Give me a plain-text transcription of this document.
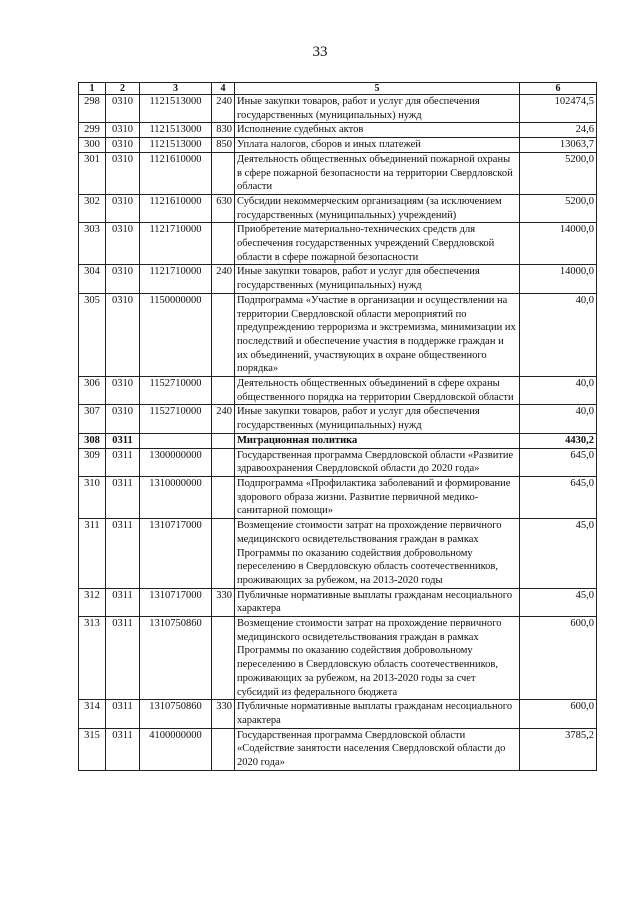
33
1	2	3	4	5	6
298	0310	1121513000	240	Иные закупки товаров, работ и услуг для обеспечения государственных (муниципальных) нужд	102474,5
299	0310	1121513000	830	Исполнение судебных актов	24,6
300	0310	1121513000	850	Уплата налогов, сборов и иных платежей	13063,7
301	0310	1121610000		Деятельность общественных объединений пожарной охраны в сфере пожарной безопасности на территории Свердловской области	5200,0
302	0310	1121610000	630	Субсидии некоммерческим организациям (за исключением государственных (муниципальных) учреждений)	5200,0
303	0310	1121710000		Приобретение материально-технических средств для обеспечения государственных учреждений Свердловской области в сфере пожарной безопасности	14000,0
304	0310	1121710000	240	Иные закупки товаров, работ и услуг для обеспечения государственных (муниципальных) нужд	14000,0
305	0310	1150000000		Подпрограмма «Участие в организации и осуществлении на территории Свердловской области мероприятий по предупреждению терроризма и экстремизма, минимизации их последствий и обеспечение участия в поддержке граждан и их объединений, участвующих в охране общественного порядка»	40,0
306	0310	1152710000		Деятельность общественных объединений в сфере охраны общественного порядка на территории Свердловской области	40,0
307	0310	1152710000	240	Иные закупки товаров, работ и услуг для обеспечения государственных (муниципальных) нужд	40,0
308	0311			Миграционная политика	4430,2
309	0311	1300000000		Государственная программа Свердловской области «Развитие здравоохранения Свердловской области до 2020 года»	645,0
310	0311	1310000000		Подпрограмма «Профилактика заболеваний и формирование здорового образа жизни. Развитие первичной медико-санитарной помощи»	645,0
311	0311	1310717000		Возмещение стоимости затрат на прохождение первичного медицинского освидетельствования граждан в рамках Программы по оказанию содействия добровольному переселению в Свердловскую область соотечественников, проживающих за рубежом, на 2013-2020 годы	45,0
312	0311	1310717000	330	Публичные нормативные выплаты гражданам несоциального характера	45,0
313	0311	1310750860		Возмещение стоимости затрат на прохождение первичного медицинского освидетельствования граждан в рамках Программы по оказанию содействия добровольному переселению в Свердловскую область соотечественников, проживающих за рубежом, на 2013-2020 годы за счет субсидий из федерального бюджета	600,0
314	0311	1310750860	330	Публичные нормативные выплаты гражданам несоциального характера	600,0
315	0311	4100000000		Государственная программа Свердловской области «Содействие занятости населения Свердловской области до 2020 года»	3785,2
